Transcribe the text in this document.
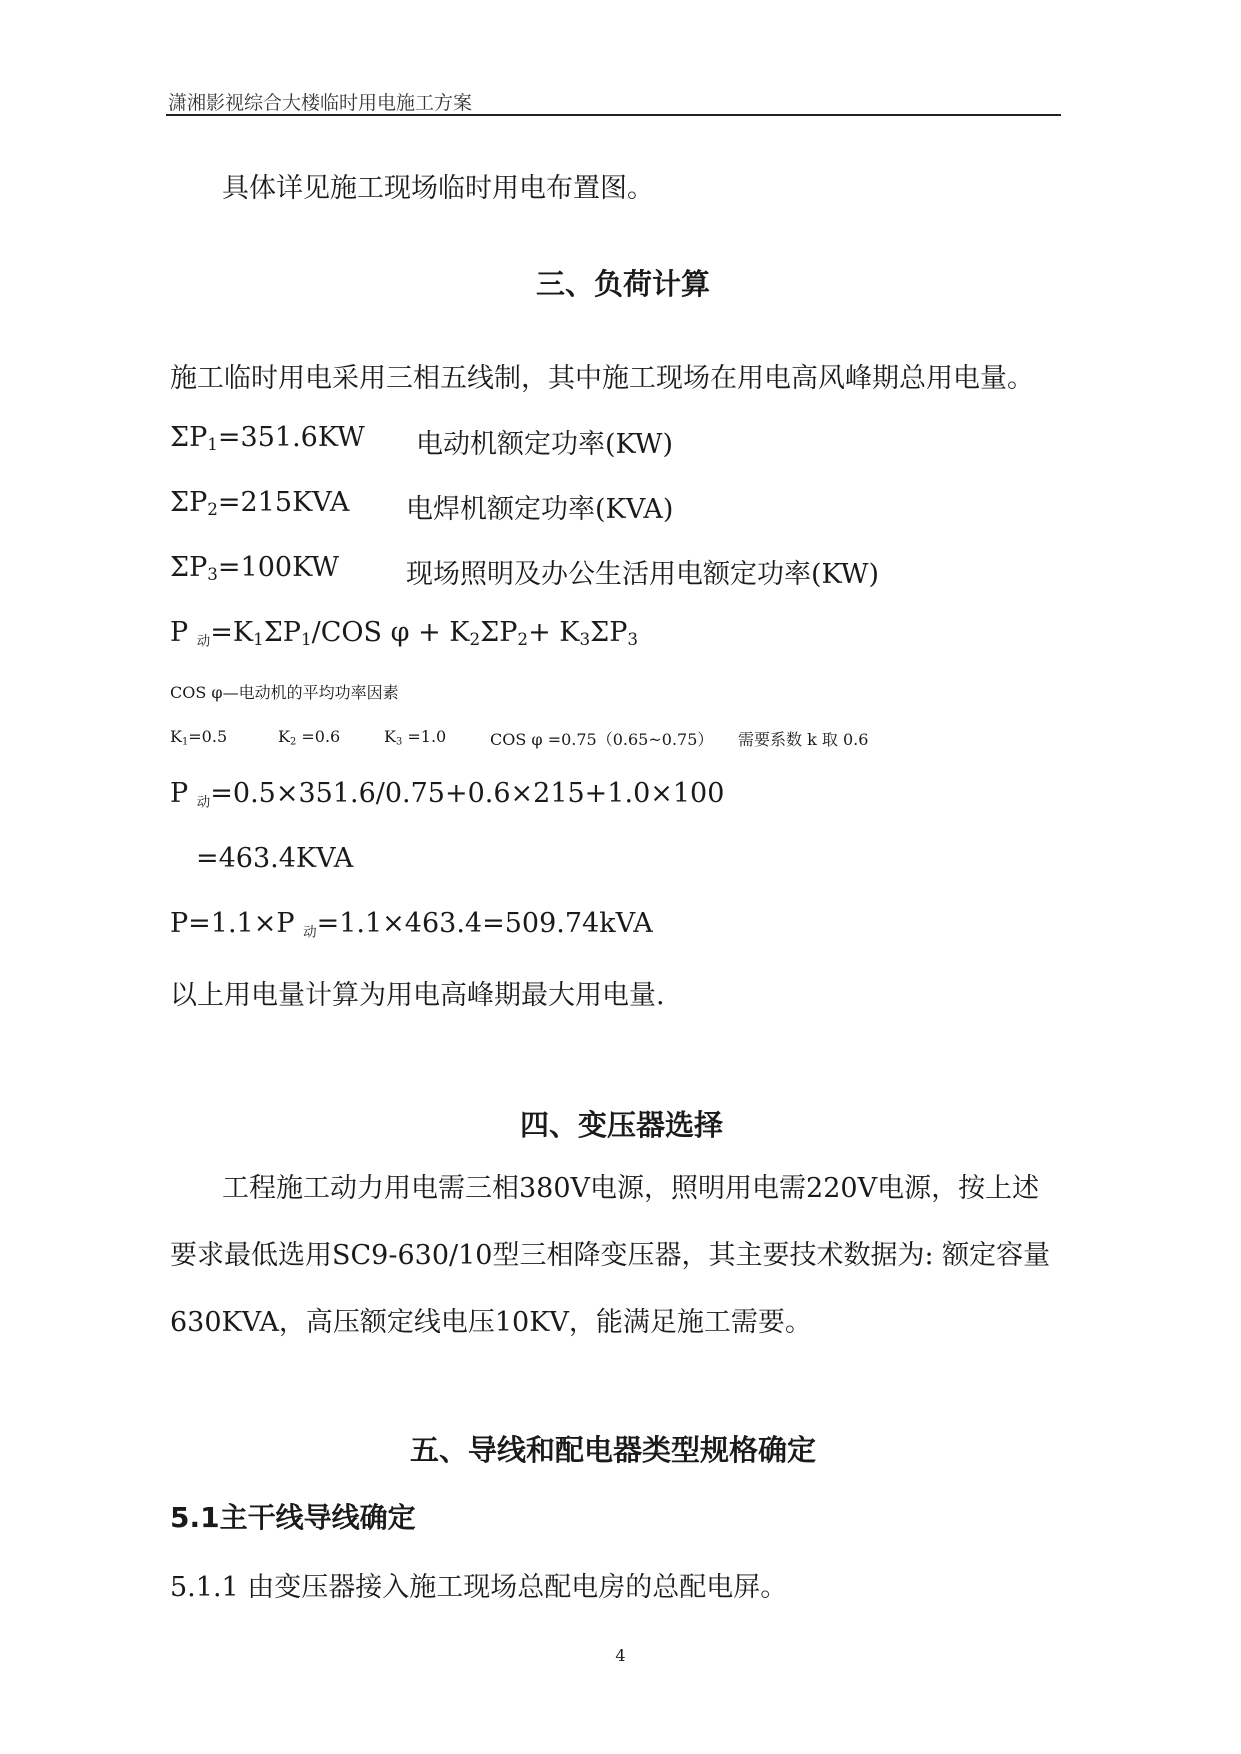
潇湘影视综合大楼临时用电施工方案
具体详见施工现场临时用电布置图。
三、负荷计算
施工临时用电采用三相五线制，其中施工现场在用电高风峰期总用电量。
$\Sigma P_1=351.6KW$ 电动机额定功率(KW)
$\Sigma P_2=215KVA$ 电焊机额定功率(KVA)
$\Sigma P_3=100KW$ 现场照明及办公生活用电额定功率(KW)
P 动$=K_1\Sigma P_1$/COS $\varphi + K_2\Sigma P_2+ K_3\Sigma P_3$
COS φ—电动机的平均功率因素
$K_1=0.5$	$K_2 =0.6$	$K_3 =1.0$	COS φ =0.75（0.65~0.75） 需要系数 k 取 0.6
P 动=0.5×351.6/0.75+0.6×215+1.0×100
=463.4KVA
P=1.1×P 动=1.1×463.4=509.74kVA
以上用电量计算为用电高峰期最大用电量.
四、变压器选择
工程施工动力用电需三相380V电源，照明用电需220V电源，按上述
要求最低选用SC9-630/10型三相降变压器，其主要技术数据为: 额定容量
630KVA，高压额定线电压10KV，能满足施工需要。
五、导线和配电器类型规格确定
5.1主干线导线确定
5.1.1 由变压器接入施工现场总配电房的总配电屏。
4
